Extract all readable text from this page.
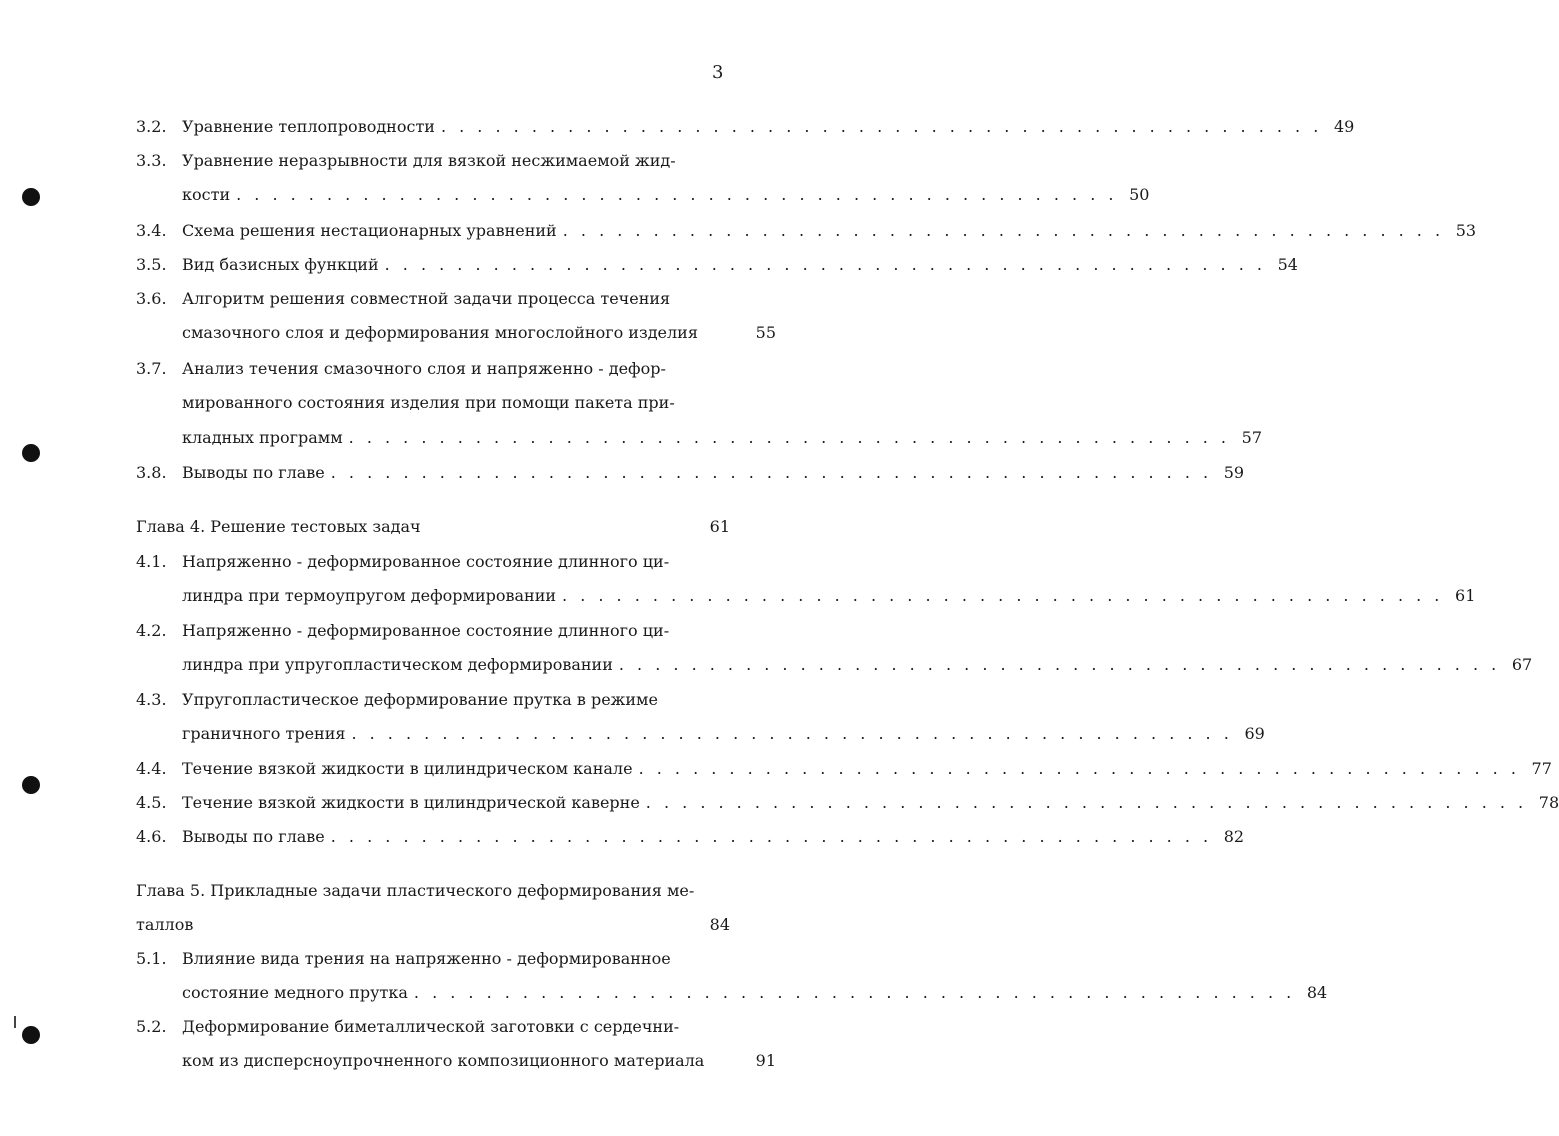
3
3.2. Уравнение теплопроводности . . .	49
3.3. Уравнение неразрывности для вязкой несжимаемой жид-
кости . . .	50
3.4. Схема решения нестационарных уравнений . . .	53
3.5. Вид базисных функций . . .	54
3.6. Алгоритм решения совместной задачи процесса течения
смазочного слоя и деформирования многослойного изделия	55
3.7. Анализ течения смазочного слоя и напряженно - дефор-
мированного состояния изделия при помощи пакета при-
кладных программ . . .	57
3.8. Выводы по главе . . .	59
Глава 4. Решение тестовых задач	61
4.1. Напряженно - деформированное состояние длинного ци-
линдра при термоупругом деформировании . . .	61
4.2. Напряженно - деформированное состояние длинного ци-
линдра при упругопластическом деформировании . . .	67
4.3. Упругопластическое деформирование прутка в режиме
граничного трения . . .	69
4.4. Течение вязкой жидкости в цилиндрическом канале . . .	77
4.5. Течение вязкой жидкости в цилиндрической каверне . . .	78
4.6. Выводы по главе . . .	82
Глава 5. Прикладные задачи пластического деформирования ме-
таллов	84
5.1. Влияние вида трения на напряженно - деформированное
состояние медного прутка . . .	84
5.2. Деформирование биметаллической заготовки с сердечни-
ком из дисперсноупрочненного композиционного материала	91
